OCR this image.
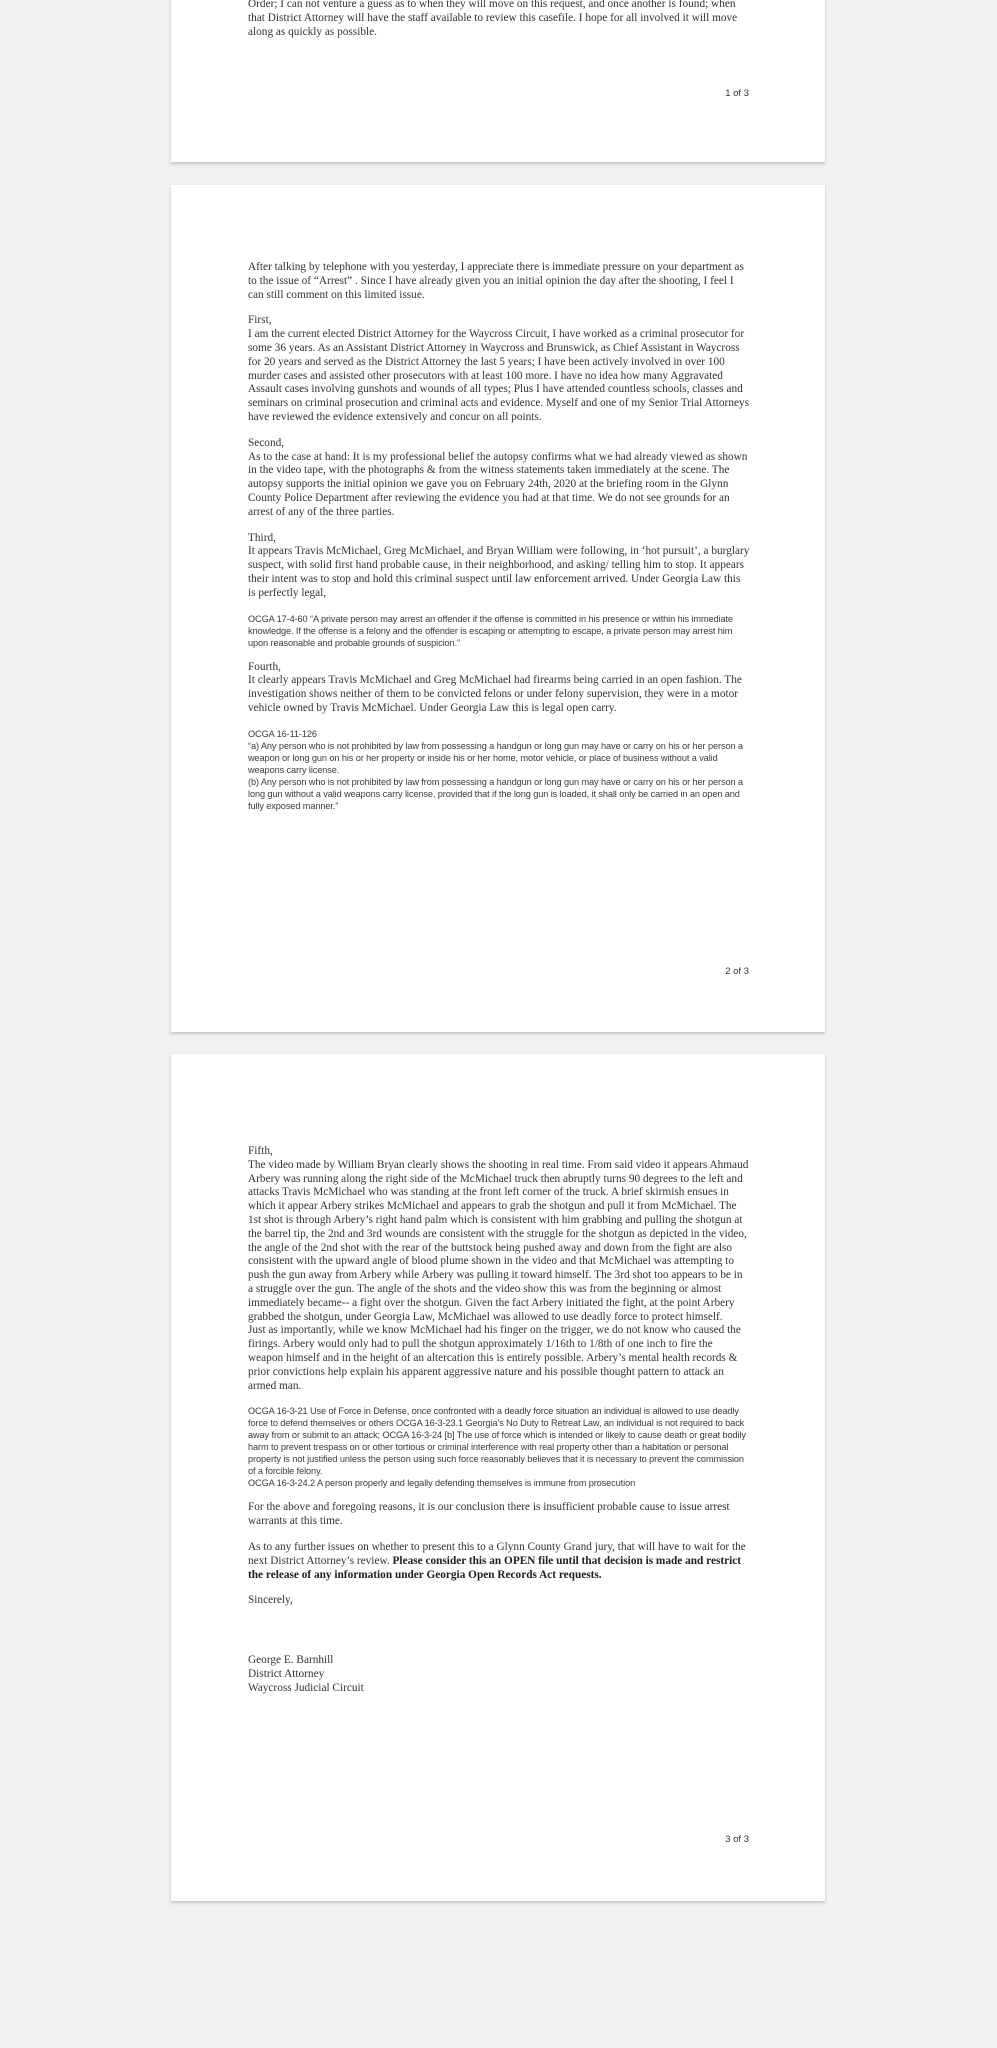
Order; I can not venture a guess as to when they will move on this request, and once another is found; when that District Attorney will have the staff available to review this casefile. I hope for all involved it will move along as quickly as possible.

1 of 3

After talking by telephone with you yesterday, I appreciate there is immediate pressure on your department as to the issue of “Arrest” . Since I have already given you an initial opinion the day after the shooting, I feel I can still comment on this limited issue.

First,

I am the current elected District Attorney for the Waycross Circuit, I have worked as a criminal prosecutor for some 36 years. As an Assistant District Attorney in Waycross and Brunswick, as Chief Assistant in Waycross for 20 years and served as the District Attorney the last 5 years; I have been actively involved in over 100 murder cases and assisted other prosecutors with at least 100 more. I have no idea how many Aggravated Assault cases involving gunshots and wounds of all types; Plus I have attended countless schools, classes and seminars on criminal prosecution and criminal acts and evidence. Myself and one of my Senior Trial Attorneys have reviewed the evidence extensively and concur on all points.

Second,

As to the case at hand: It is my professional belief the autopsy confirms what we had already viewed as shown in the video tape, with the photographs & from the witness statements taken immediately at the scene. The autopsy supports the initial opinion we gave you on February 24th, 2020 at the briefing room in the Glynn County Police Department after reviewing the evidence you had at that time. We do not see grounds for an arrest of any of the three parties.

Third,

It appears Travis McMichael, Greg McMichael, and Bryan William were following, in ‘hot pursuit’, a burglary suspect, with solid first hand probable cause, in their neighborhood, and asking/ telling him to stop. It appears their intent was to stop and hold this criminal suspect until law enforcement arrived. Under Georgia Law this is perfectly legal,

OCGA 17-4-60 “A private person may arrest an offender if the offense is committed in his presence or within his immediate knowledge. If the offense is a felony and the offender is escaping or attempting to escape, a private person may arrest him upon reasonable and probable grounds of suspicion.”

Fourth,

It clearly appears Travis McMichael and Greg McMichael had firearms being carried in an open fashion. The investigation shows neither of them to be convicted felons or under felony supervision, they were in a motor vehicle owned by Travis McMichael. Under Georgia Law this is legal open carry.

OCGA 16-11-126

“a) Any person who is not prohibited by law from possessing a handgun or long gun may have or carry on his or her person a weapon or long gun on his or her property or inside his or her home, motor vehicle, or place of business without a valid weapons carry license.

(b) Any person who is not prohibited by law from possessing a handgun or long gun may have or carry on his or her person a long gun without a valid weapons carry license, provided that if the long gun is loaded, it shall only be carried in an open and fully exposed manner.”

2 of 3

Fifth,

The video made by William Bryan clearly shows the shooting in real time. From said video it appears Ahmaud Arbery was running along the right side of the McMichael truck then abruptly turns 90 degrees to the left and attacks Travis McMichael who was standing at the front left corner of the truck. A brief skirmish ensues in which it appear Arbery strikes McMichael and appears to grab the shotgun and pull it from McMichael. The 1st shot is through Arbery’s right hand palm which is consistent with him grabbing and pulling the shotgun at the barrel tip, the 2nd and 3rd wounds are consistent with the struggle for the shotgun as depicted in the video, the angle of the 2nd shot with the rear of the buttstock being pushed away and down from the fight are also consistent with the upward angle of blood plume shown in the video and that McMichael was attempting to push the gun away from Arbery while Arbery was pulling it toward himself. The 3rd shot too appears to be in a struggle over the gun. The angle of the shots and the video show this was from the beginning or almost immediately became-- a fight over the shotgun. Given the fact Arbery initiated the fight, at the point Arbery grabbed the shotgun, under Georgia Law, McMichael was allowed to use deadly force to protect himself.

Just as importantly, while we know McMichael had his finger on the trigger, we do not know who caused the firings. Arbery would only had to pull the shotgun approximately 1/16th to 1/8th of one inch to fire the weapon himself and in the height of an altercation this is entirely possible. Arbery’s mental health records & prior convictions help explain his apparent aggressive nature and his possible thought pattern to attack an armed man.

OCGA 16-3-21 Use of Force in Defense, once confronted with a deadly force situation an individual is allowed to use deadly force to defend themselves or others OCGA 16-3-23.1 Georgia’s No Duty to Retreat Law, an individual is not required to back away from or submit to an attack; OCGA 16-3-24 [b] The use of force which is intended or likely to cause death or great bodily harm to prevent trespass on or other tortious or criminal interference with real property other than a habitation or personal property is not justified unless the person using such force reasonably believes that it is necessary to prevent the commission of a forcible felony.

OCGA 16-3-24.2 A person properly and legally defending themselves is immune from prosecution

For the above and foregoing reasons, it is our conclusion there is insufficient probable cause to issue arrest warrants at this time.

As to any further issues on whether to present this to a Glynn County Grand jury, that will have to wait for the next District Attorney’s review. Please consider this an OPEN file until that decision is made and restrict the release of any information under Georgia Open Records Act requests.

Sincerely,

George E. Barnhill

District Attorney

Waycross Judicial Circuit

3 of 3
